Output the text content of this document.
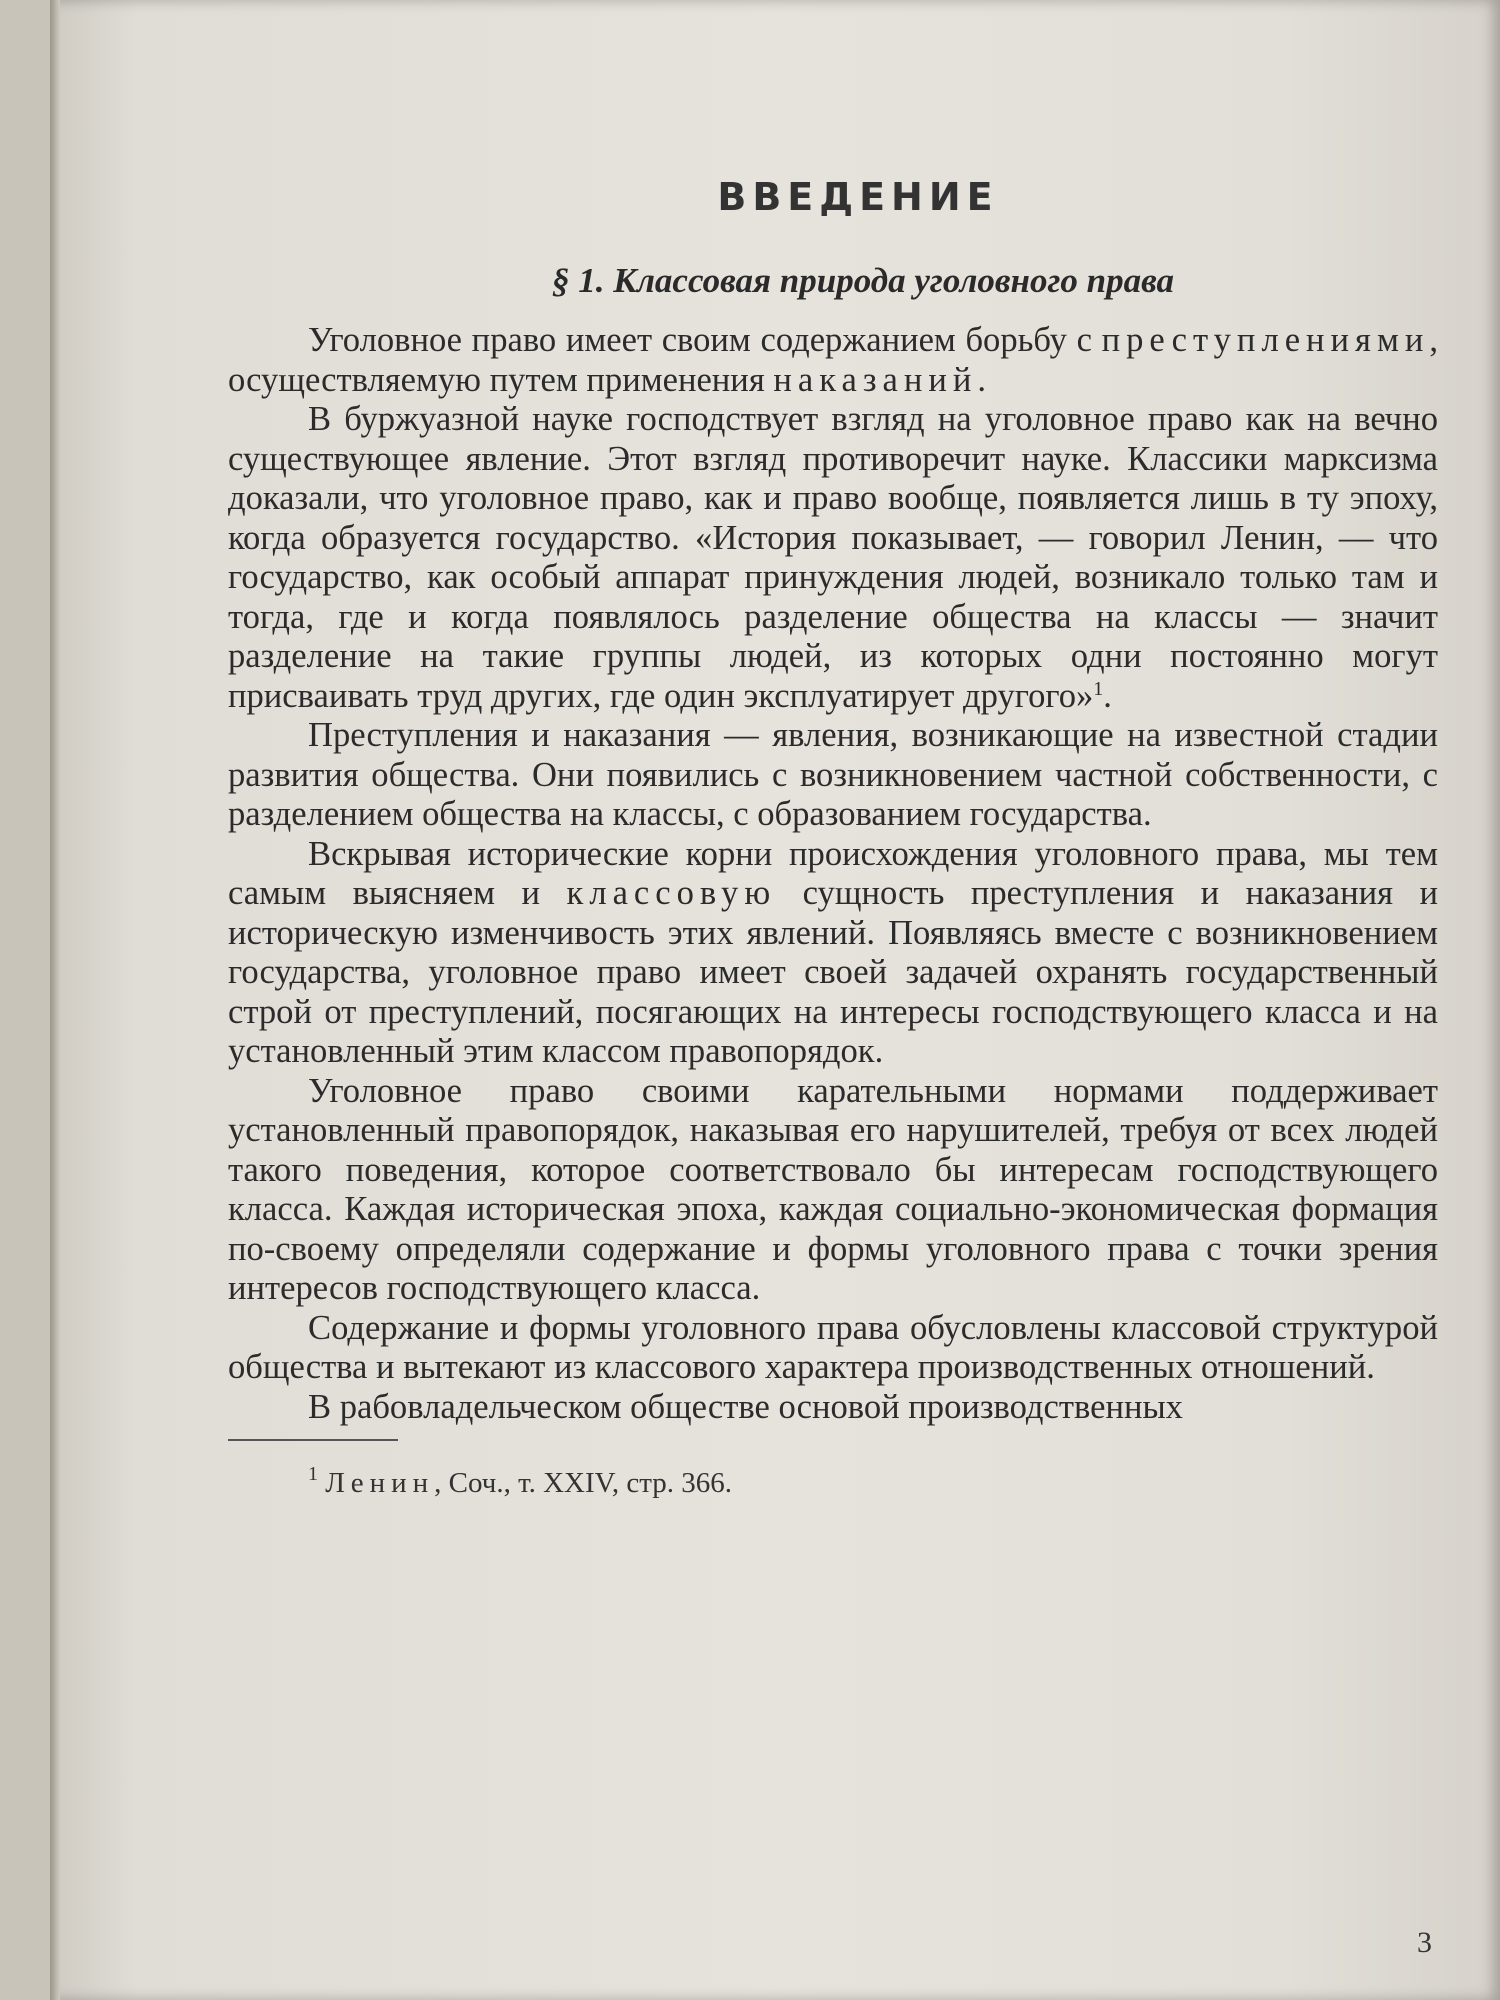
ВВЕДЕНИЕ
§ 1. Классовая природа уголовного права

Уголовное право имеет своим содержанием борьбу с преступлениями, осуществляемую путем применения наказаний.

В буржуазной науке господствует взгляд на уголовное право как на вечно существующее явление. Этот взгляд противоречит науке. Классики марксизма доказали, что уголовное право, как и право вообще, появляется лишь в ту эпоху, когда образуется государство. «История показывает, — говорил Ленин, — что государство, как особый аппарат принуждения людей, возникало только там и тогда, где и когда появлялось разделение общества на классы — значит разделение на такие группы людей, из которых одни постоянно могут присваивать труд других, где один эксплуатирует другого»$^1$.

Преступления и наказания — явления, возникающие на известной стадии развития общества. Они появились с возникновением частной собственности, с разделением общества на классы, с образованием государства.

Вскрывая исторические корни происхождения уголовного права, мы тем самым выясняем и классовую сущность преступления и наказания и историческую изменчивость этих явлений. Появляясь вместе с возникновением государства, уголовное право имеет своей задачей охранять государственный строй от преступлений, посягающих на интересы господствующего класса и на установленный этим классом правопорядок.

Уголовное право своими карательными нормами поддерживает установленный правопорядок, наказывая его нарушителей, требуя от всех людей такого поведения, которое соответствовало бы интересам господствующего класса. Каждая историческая эпоха, каждая социально-экономическая формация по-своему определяли содержание и формы уголовного права с точки зрения интересов господствующего класса.

Содержание и формы уголовного права обусловлены классовой структурой общества и вытекают из классового характера производственных отношений.

В рабовладельческом обществе основой производственных

$^1$ Ленин, Соч., т. XXIV, стр. 366.
3
